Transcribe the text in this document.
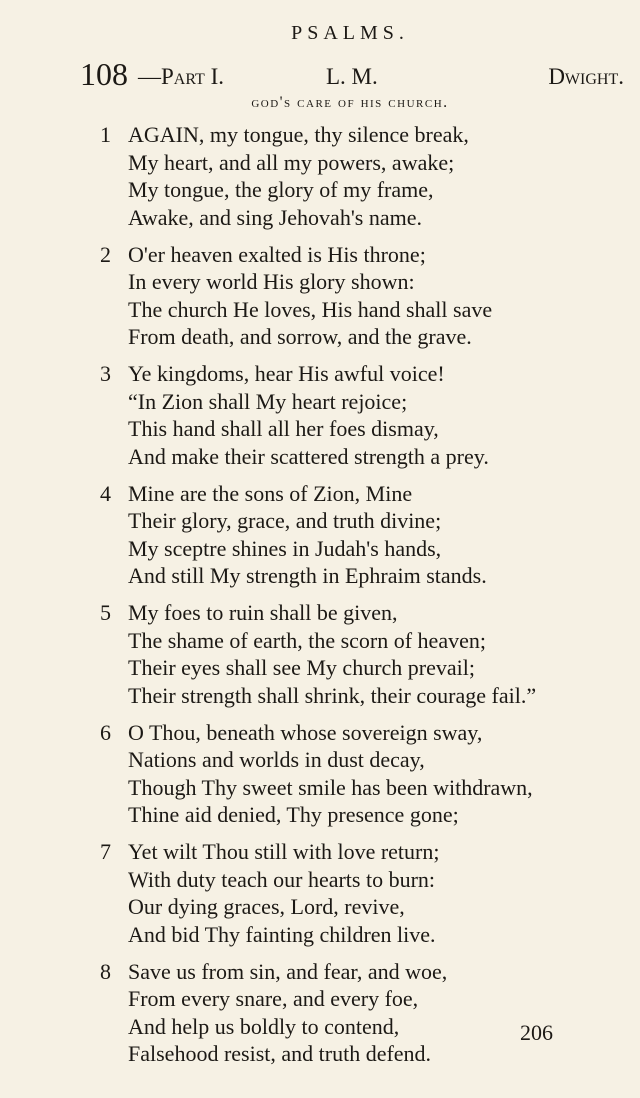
PSALMS.
108 —Part I.	L. M.	Dwight.
god's care of his church.
1 AGAIN, my tongue, thy silence break,
My heart, and all my powers, awake;
My tongue, the glory of my frame,
Awake, and sing Jehovah's name.
2 O'er heaven exalted is His throne;
In every world His glory shown:
The church He loves, His hand shall save
From death, and sorrow, and the grave.
3 Ye kingdoms, hear His awful voice!
“In Zion shall My heart rejoice;
This hand shall all her foes dismay,
And make their scattered strength a prey.
4 Mine are the sons of Zion, Mine
Their glory, grace, and truth divine;
My sceptre shines in Judah's hands,
And still My strength in Ephraim stands.
5 My foes to ruin shall be given,
The shame of earth, the scorn of heaven;
Their eyes shall see My church prevail;
Their strength shall shrink, their courage fail.”
6 O Thou, beneath whose sovereign sway,
Nations and worlds in dust decay,
Though Thy sweet smile has been withdrawn,
Thine aid denied, Thy presence gone;
7 Yet wilt Thou still with love return;
With duty teach our hearts to burn:
Our dying graces, Lord, revive,
And bid Thy fainting children live.
8 Save us from sin, and fear, and woe,
From every snare, and every foe,
And help us boldly to contend,
Falsehood resist, and truth defend.
206
